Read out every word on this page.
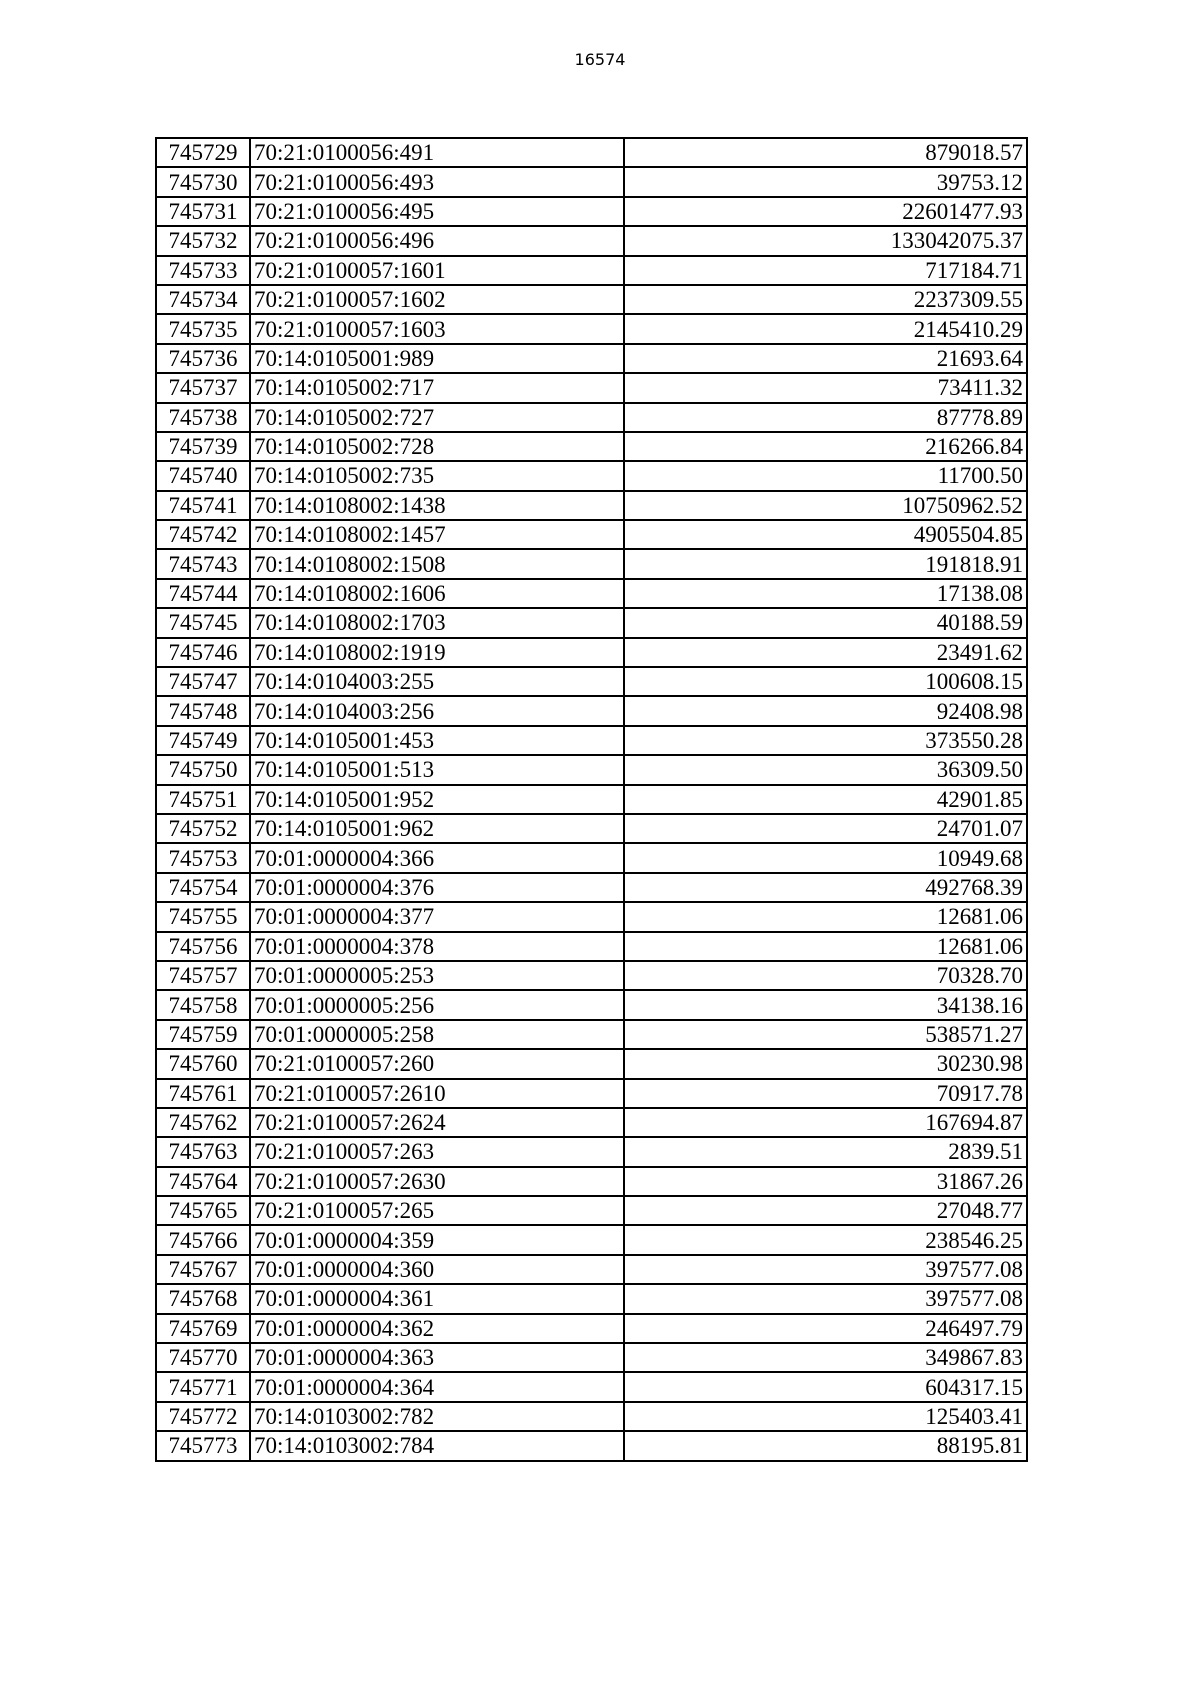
16574
745729	70:21:0100056:491	879018.57
745730	70:21:0100056:493	39753.12
745731	70:21:0100056:495	22601477.93
745732	70:21:0100056:496	133042075.37
745733	70:21:0100057:1601	717184.71
745734	70:21:0100057:1602	2237309.55
745735	70:21:0100057:1603	2145410.29
745736	70:14:0105001:989	21693.64
745737	70:14:0105002:717	73411.32
745738	70:14:0105002:727	87778.89
745739	70:14:0105002:728	216266.84
745740	70:14:0105002:735	11700.50
745741	70:14:0108002:1438	10750962.52
745742	70:14:0108002:1457	4905504.85
745743	70:14:0108002:1508	191818.91
745744	70:14:0108002:1606	17138.08
745745	70:14:0108002:1703	40188.59
745746	70:14:0108002:1919	23491.62
745747	70:14:0104003:255	100608.15
745748	70:14:0104003:256	92408.98
745749	70:14:0105001:453	373550.28
745750	70:14:0105001:513	36309.50
745751	70:14:0105001:952	42901.85
745752	70:14:0105001:962	24701.07
745753	70:01:0000004:366	10949.68
745754	70:01:0000004:376	492768.39
745755	70:01:0000004:377	12681.06
745756	70:01:0000004:378	12681.06
745757	70:01:0000005:253	70328.70
745758	70:01:0000005:256	34138.16
745759	70:01:0000005:258	538571.27
745760	70:21:0100057:260	30230.98
745761	70:21:0100057:2610	70917.78
745762	70:21:0100057:2624	167694.87
745763	70:21:0100057:263	2839.51
745764	70:21:0100057:2630	31867.26
745765	70:21:0100057:265	27048.77
745766	70:01:0000004:359	238546.25
745767	70:01:0000004:360	397577.08
745768	70:01:0000004:361	397577.08
745769	70:01:0000004:362	246497.79
745770	70:01:0000004:363	349867.83
745771	70:01:0000004:364	604317.15
745772	70:14:0103002:782	125403.41
745773	70:14:0103002:784	88195.81
